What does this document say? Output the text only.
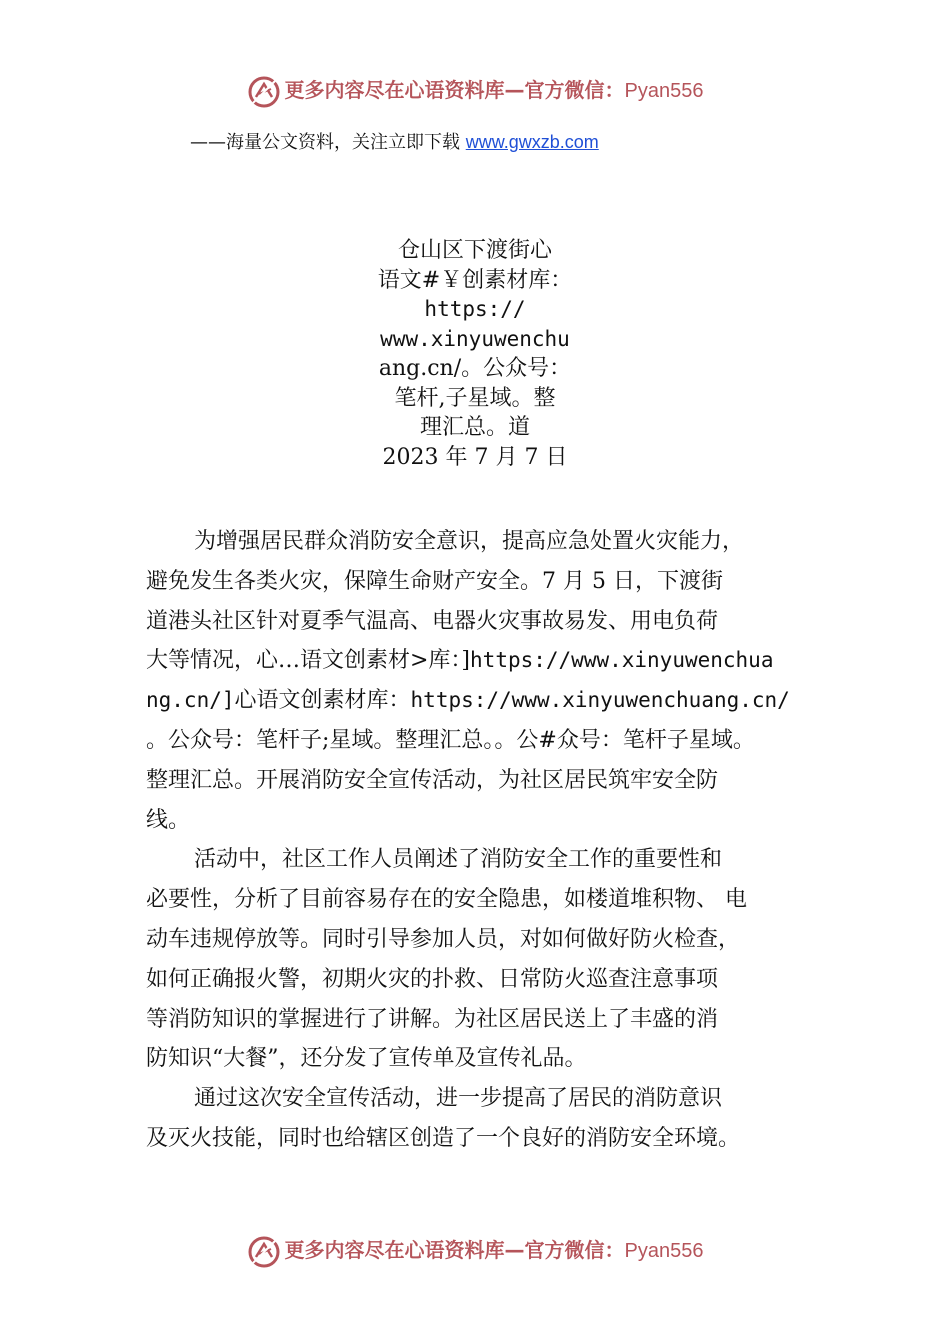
更多内容尽在心语资料库—官方微信：Pyan556
——海量公文资料，关注立即下载 www.gwxzb.com
仓山区下渡街心
语文#￥创素材库：
https://
www.xinyuwenchu
ang.cn/。公众号：
笔杆,子星域。整
理汇总。道
2023 年 7 月 7 日

为增强居民群众消防安全意识，提高应急处置火灾能力，
避免发生各类火灾，保障生命财产安全。7 月 5 日，下渡街
道港头社区针对夏季气温高、电器火灾事故易发、用电负荷
大等情况，心…语文创素材>库：]https://www.xinyuwenchua
ng.cn/]心语文创素材库：https://www.xinyuwenchuang.cn/
。公众号：笔杆子;星域。整理汇总。。公#众号：笔杆子星域。
整理汇总。开展消防安全宣传活动，为社区居民筑牢安全防
线。

活动中，社区工作人员阐述了消防安全工作的重要性和
必要性，分析了目前容易存在的安全隐患，如楼道堆积物、 电
动车违规停放等。同时引导参加人员，对如何做好防火检查，
如何正确报火警，初期火灾的扑救、日常防火巡查注意事项
等消防知识的掌握进行了讲解。为社区居民送上了丰盛的消
防知识“大餐”，还分发了宣传单及宣传礼品。

通过这次安全宣传活动，进一步提高了居民的消防意识
及灭火技能，同时也给辖区创造了一个良好的消防安全环境。

更多内容尽在心语资料库—官方微信：Pyan556
